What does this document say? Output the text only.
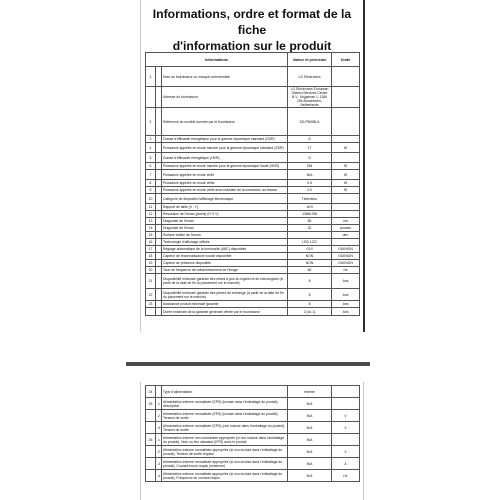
Informations, ordre et format de la fiche
d'information sur le produit
Informations			Valeur et précision	Unité
1		Nom du fournisseur ou marque commerciale	LG Electronics	
		Adresse du fournisseur	LG Electronics European Shared Services Center B.V., Krijgsman 1, 1186 DM Amstelveen, Netherlands	
2		Référence du modèle donnée par le fournisseur	32LP500BLA	
3		Classe d'efficacité énergétique pour la gamme dynamique standard (SDR)	G	
4		Puissance appelée en mode marche pour la gamme dynamique standard (SDR)	17	W
5		Classe d'efficacité énergétique (HDR)	G	
6		Puissance appelée en mode marche pour la gamme dynamique haute (HDR)	254	W
7		Puissance appelée en mode arrêt	N/A	W
8		Puissance appelée en mode veille	0.5	W
9		Puissance appelée en mode veille avec maintien de la connexion au réseau	2.0	W
10		Catégorie de dispositif d'affichage électronique	Téléviseur	
11		Rapport de taille (X : Y)	16:9	
12		Résolution de l'écran (pixels) (H X V)	1366x768	
13		Diagonale de l'écran	80	cm
14		Diagonale de l'écran	32	pouces
15		Surface visible de l'écran		dm²
16		Technologie d'affichage utilisée	LED LCD	
17		Réglage automatique de la luminosité (ABC) disponible	OUI	OUI/NON
18		Capteur de reconnaissance vocale disponible	NON	OUI/NON
19		Capteur de présence disponible	NON	OUI/NON
20		Taux de fréquence de rafraîchissement de l'image	60	Hz
21		Disponibilité minimale garantie des mises à jour du logiciel et du micrologiciel (à partir de la date de fin du placement sur le marché)	8	Ans
22		Disponibilité minimale garantie des pièces de rechange (à partir de la date de fin du placement sur le marché)	8	Ans
23		Assistance produit minimale garantie	8	Ans
		Durée minimale de la garantie générale offerte par le fournisseur	2 (ou 1)	Ans
24		Type d'alimentation:	Interne	
25	.1	Alimentation externe normalisée (EPS) (incluse dans l'emballage du produit), description	N/A	
	.2	Alimentation externe normalisée (EPS) (incluse dans l'emballage du produit), Tension de sortie	N/A	V
	.3	Alimentation externe normalisée (EPS) (non incluse dans l'emballage du produit), Tension de sortie	N/A	V
26	.1	Alimentation externe non normalisée appropriée (si non incluse dans l'emballage du produit), Nom ou lien standard (EPS) avec le produit	N/A	
	.2	Alimentation externe normalisée appropriée (si non incluse dans l'emballage du produit), Tension de sortie requise	N/A	V
	.3	Alimentation externe normalisée appropriée (si non incluse dans l'emballage du produit), Courant fourni requis (minimum)	N/A	A
	.4	Alimentation externe normalisée appropriée (si non incluse dans l'emballage du produit), Fréquence du courant requis	N/A	Hz
